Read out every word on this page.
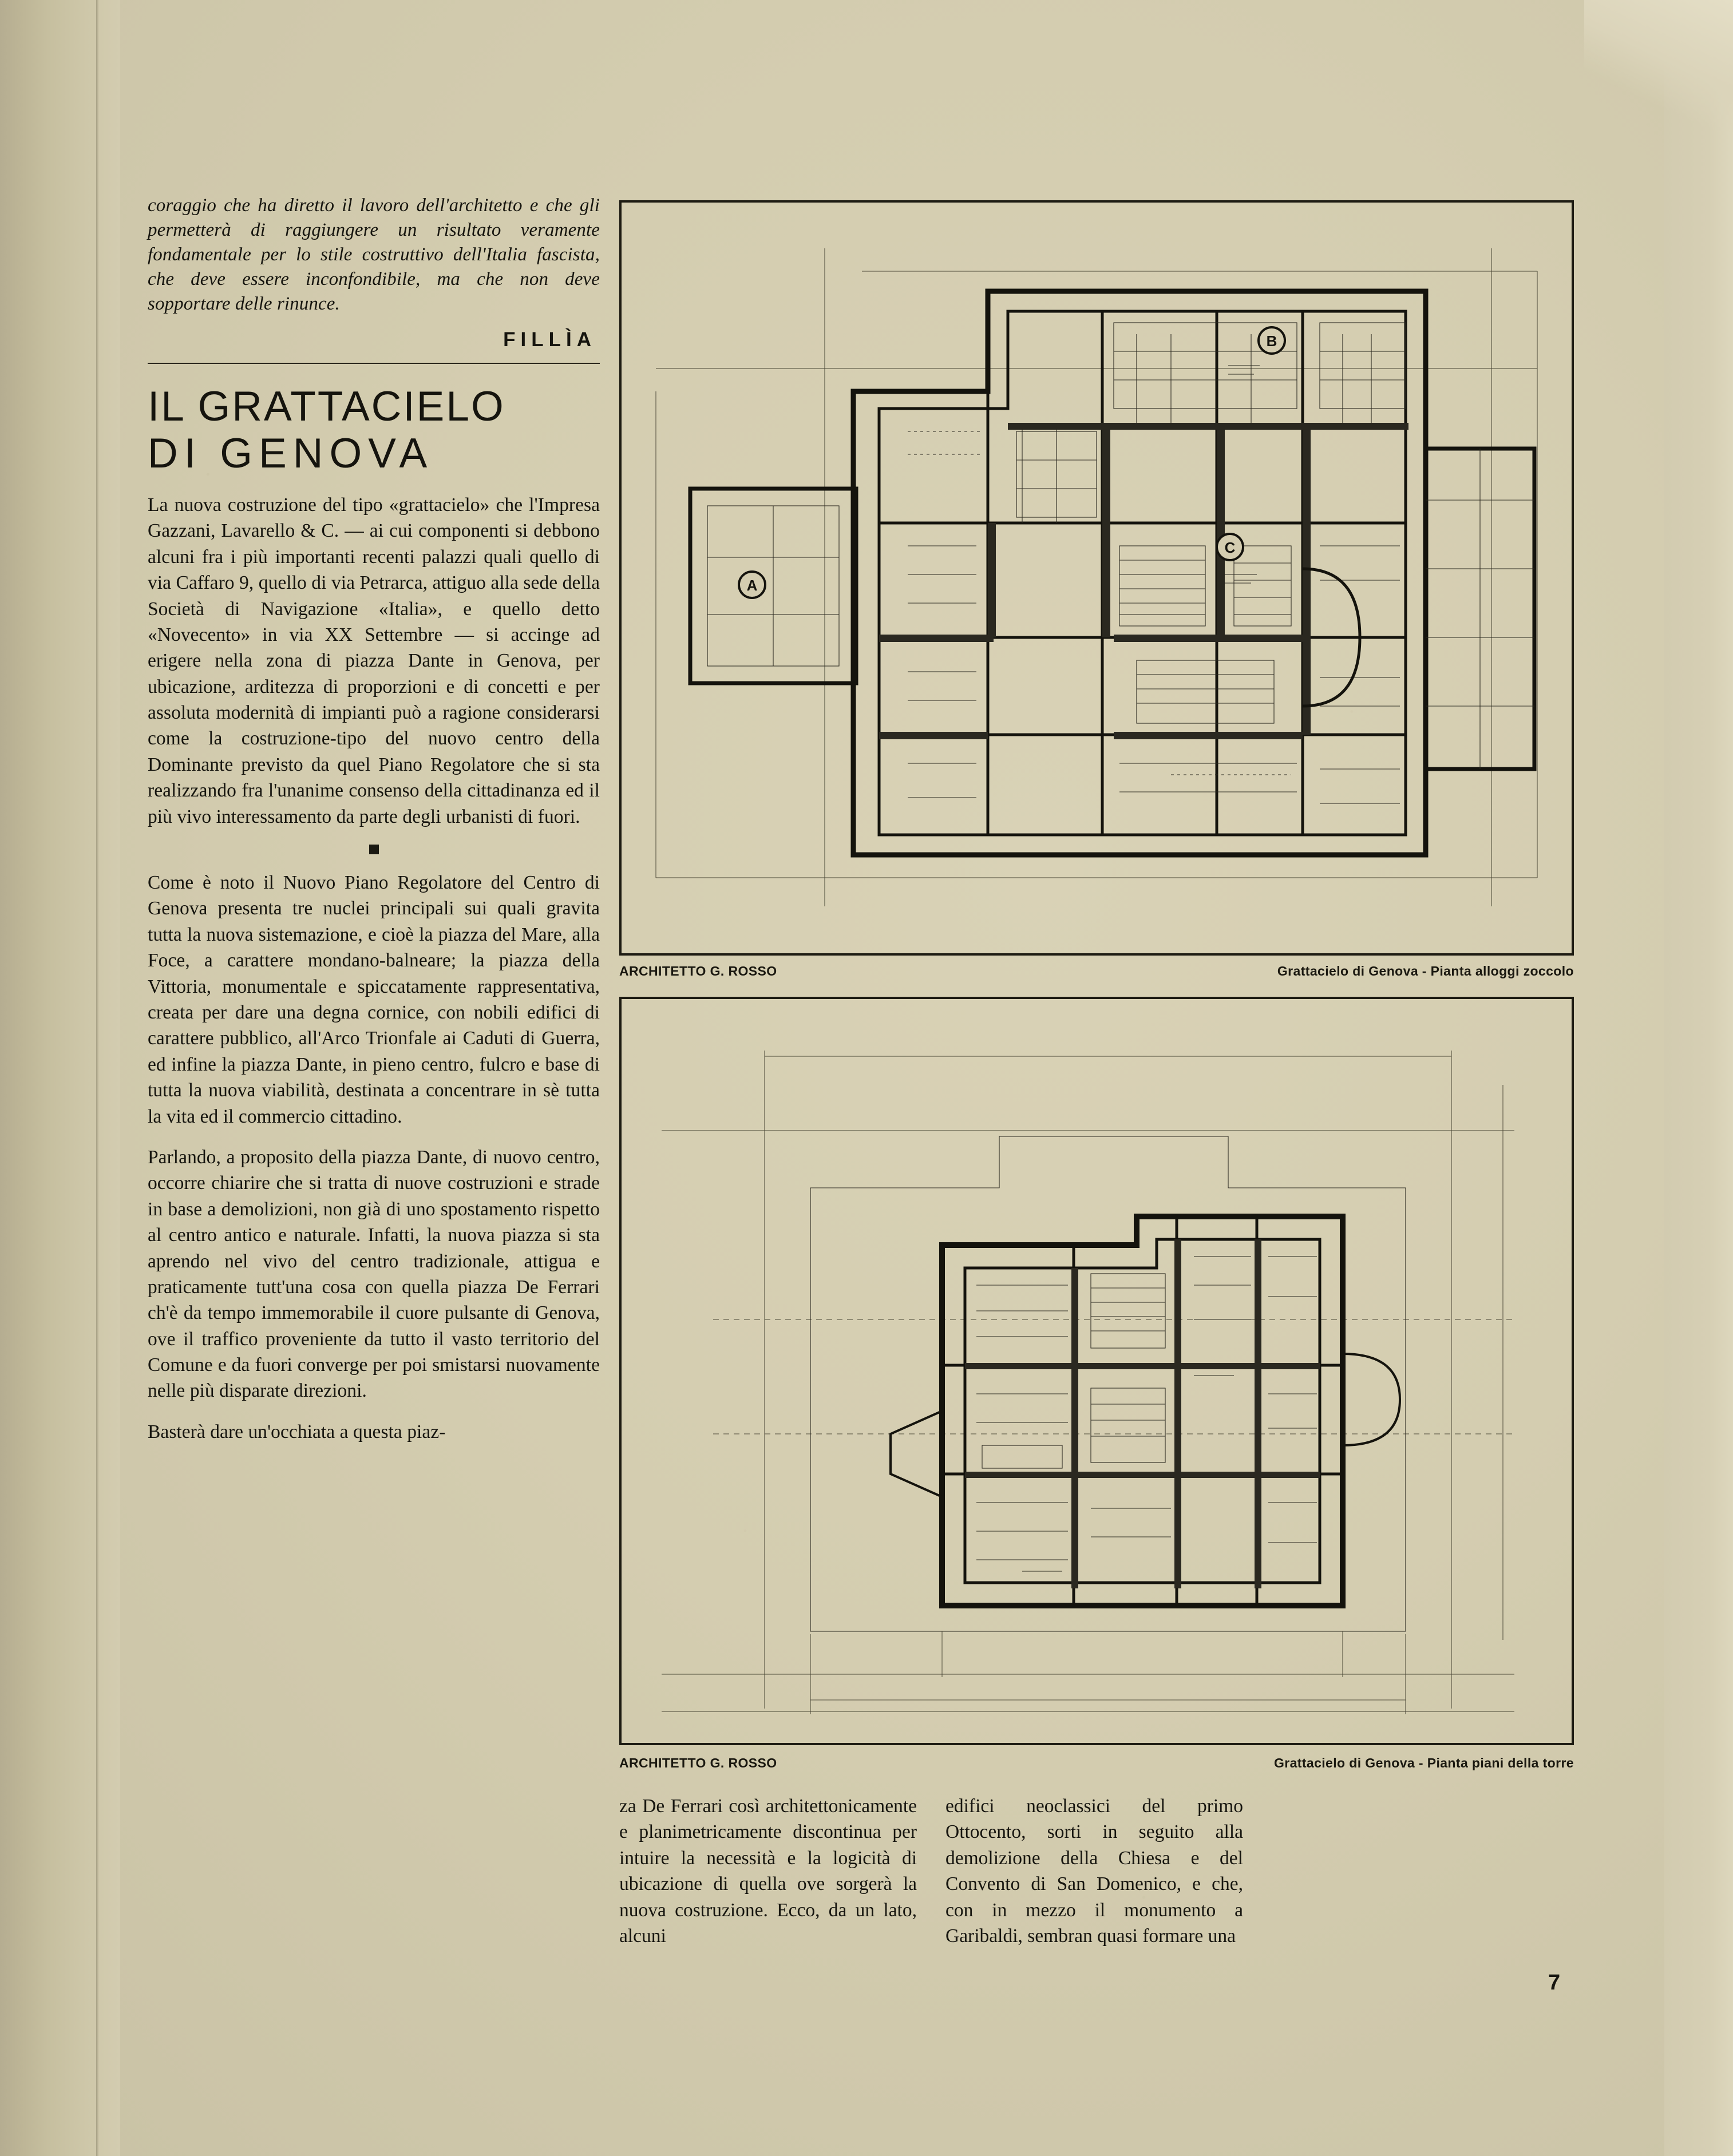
coraggio che ha diretto il lavoro dell'architetto e che gli permetterà di raggiungere un risultato veramente fondamentale per lo stile costruttivo dell'Italia fascista, che deve essere inconfondibile, ma che non deve sopportare delle rinunce.
FILLÌA
IL GRATTACIELO
DI GENOVA
La nuova costruzione del tipo «grattacielo» che l'Impresa Gazzani, Lavarello & C. — ai cui componenti si debbono alcuni fra i più importanti recenti palazzi quali quello di via Caffaro 9, quello di via Petrarca, attiguo alla sede della Società di Navigazione «Italia», e quello detto «Novecento» in via XX Settembre — si accinge ad erigere nella zona di piazza Dante in Genova, per ubicazione, arditezza di proporzioni e di concetti e per assoluta modernità di impianti può a ragione considerarsi come la costruzione-tipo del nuovo centro della Dominante previsto da quel Piano Regolatore che si sta realizzando fra l'unanime consenso della cittadinanza ed il più vivo interessamento da parte degli urbanisti di fuori.
Come è noto il Nuovo Piano Regolatore del Centro di Genova presenta tre nuclei principali sui quali gravita tutta la nuova sistemazione, e cioè la piazza del Mare, alla Foce, a carattere mondano-balneare; la piazza della Vittoria, monumentale e spiccatamente rappresentativa, creata per dare una degna cornice, con nobili edifici di carattere pubblico, all'Arco Trionfale ai Caduti di Guerra, ed infine la piazza Dante, in pieno centro, fulcro e base di tutta la nuova viabilità, destinata a concentrare in sè tutta la vita ed il commercio cittadino.
Parlando, a proposito della piazza Dante, di nuovo centro, occorre chiarire che si tratta di nuove costruzioni e strade in base a demolizioni, non già di uno spostamento rispetto al centro antico e naturale. Infatti, la nuova piazza si sta aprendo nel vivo del centro tradizionale, attigua e praticamente tutt'una cosa con quella piazza De Ferrari ch'è da tempo immemorabile il cuore pulsante di Genova, ove il traffico proveniente da tutto il vasto territorio del Comune e da fuori converge per poi smistarsi nuovamente nelle più disparate direzioni.
Basterà dare un'occhiata a questa piaz-
A
B
C
ARCHITETTO G. ROSSO	Grattacielo di Genova - Pianta alloggi zoccolo
ARCHITETTO G. ROSSO	Grattacielo di Genova - Pianta piani della torre
za De Ferrari così architettonicamente e planimetricamente discontinua per intuire la necessità e la logicità di ubicazione di quella ove sorgerà la nuova costruzione. Ecco, da un lato, alcuni
edifici neoclassici del primo Ottocento, sorti in seguito alla demolizione della Chiesa e del Convento di San Domenico, e che, con in mezzo il monumento a Garibaldi, sembran quasi formare una
7
